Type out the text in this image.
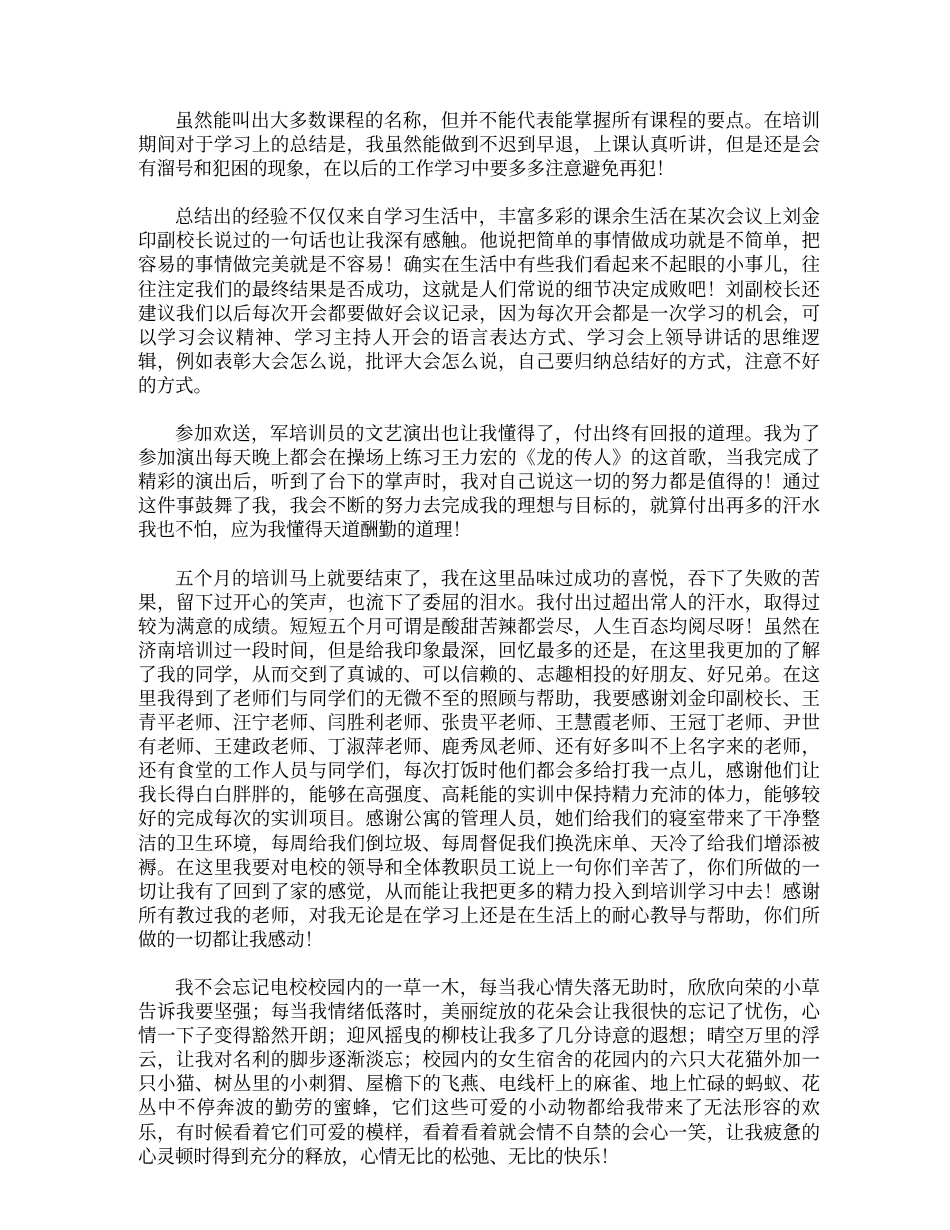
虽然能叫出大多数课程的名称，但并不能代表能掌握所有课程的要点。在培训期间对于学习上的总结是，我虽然能做到不迟到早退，上课认真听讲，但是还是会有溜号和犯困的现象，在以后的工作学习中要多多注意避免再犯！

总结出的经验不仅仅来自学习生活中，丰富多彩的课余生活在某次会议上刘金印副校长说过的一句话也让我深有感触。他说把简单的事情做成功就是不简单，把容易的事情做完美就是不容易！确实在生活中有些我们看起来不起眼的小事儿，往往注定我们的最终结果是否成功，这就是人们常说的细节决定成败吧！刘副校长还建议我们以后每次开会都要做好会议记录，因为每次开会都是一次学习的机会，可以学习会议精神、学习主持人开会的语言表达方式、学习会上领导讲话的思维逻辑，例如表彰大会怎么说，批评大会怎么说，自己要归纳总结好的方式，注意不好的方式。

参加欢送，军培训员的文艺演出也让我懂得了，付出终有回报的道理。我为了参加演出每天晚上都会在操场上练习王力宏的《龙的传人》的这首歌，当我完成了精彩的演出后，听到了台下的掌声时，我对自己说这一切的努力都是值得的！通过这件事鼓舞了我，我会不断的努力去完成我的理想与目标的，就算付出再多的汗水我也不怕，应为我懂得天道酬勤的道理！

五个月的培训马上就要结束了，我在这里品味过成功的喜悦，吞下了失败的苦果，留下过开心的笑声，也流下了委屈的泪水。我付出过超出常人的汗水，取得过较为满意的成绩。短短五个月可谓是酸甜苦辣都尝尽，人生百态均阅尽呀！虽然在济南培训过一段时间，但是给我印象最深，回忆最多的还是，在这里我更加的了解了我的同学，从而交到了真诚的、可以信赖的、志趣相投的好朋友、好兄弟。在这里我得到了老师们与同学们的无微不至的照顾与帮助，我要感谢刘金印副校长、王青平老师、汪宁老师、闫胜利老师、张贵平老师、王慧霞老师、王冠丁老师、尹世有老师、王建政老师、丁淑萍老师、鹿秀凤老师、还有好多叫不上名字来的老师，还有食堂的工作人员与同学们，每次打饭时他们都会多给打我一点儿，感谢他们让我长得白白胖胖的，能够在高强度、高耗能的实训中保持精力充沛的体力，能够较好的完成每次的实训项目。感谢公寓的管理人员，她们给我们的寝室带来了干净整洁的卫生环境，每周给我们倒垃圾、每周督促我们换洗床单、天冷了给我们增添被褥。在这里我要对电校的领导和全体教职员工说上一句你们辛苦了，你们所做的一切让我有了回到了家的感觉，从而能让我把更多的精力投入到培训学习中去！感谢所有教过我的老师，对我无论是在学习上还是在生活上的耐心教导与帮助，你们所做的一切都让我感动！

我不会忘记电校校园内的一草一木，每当我心情失落无助时，欣欣向荣的小草告诉我要坚强；每当我情绪低落时，美丽绽放的花朵会让我很快的忘记了忧伤，心情一下子变得豁然开朗；迎风摇曳的柳枝让我多了几分诗意的遐想；晴空万里的浮云，让我对名利的脚步逐渐淡忘；校园内的女生宿舍的花园内的六只大花猫外加一只小猫、树丛里的小刺猬、屋檐下的飞燕、电线杆上的麻雀、地上忙碌的蚂蚁、花丛中不停奔波的勤劳的蜜蜂，它们这些可爱的小动物都给我带来了无法形容的欢乐，有时候看着它们可爱的模样，看着看着就会情不自禁的会心一笑，让我疲惫的心灵顿时得到充分的释放，心情无比的松弛、无比的快乐！
